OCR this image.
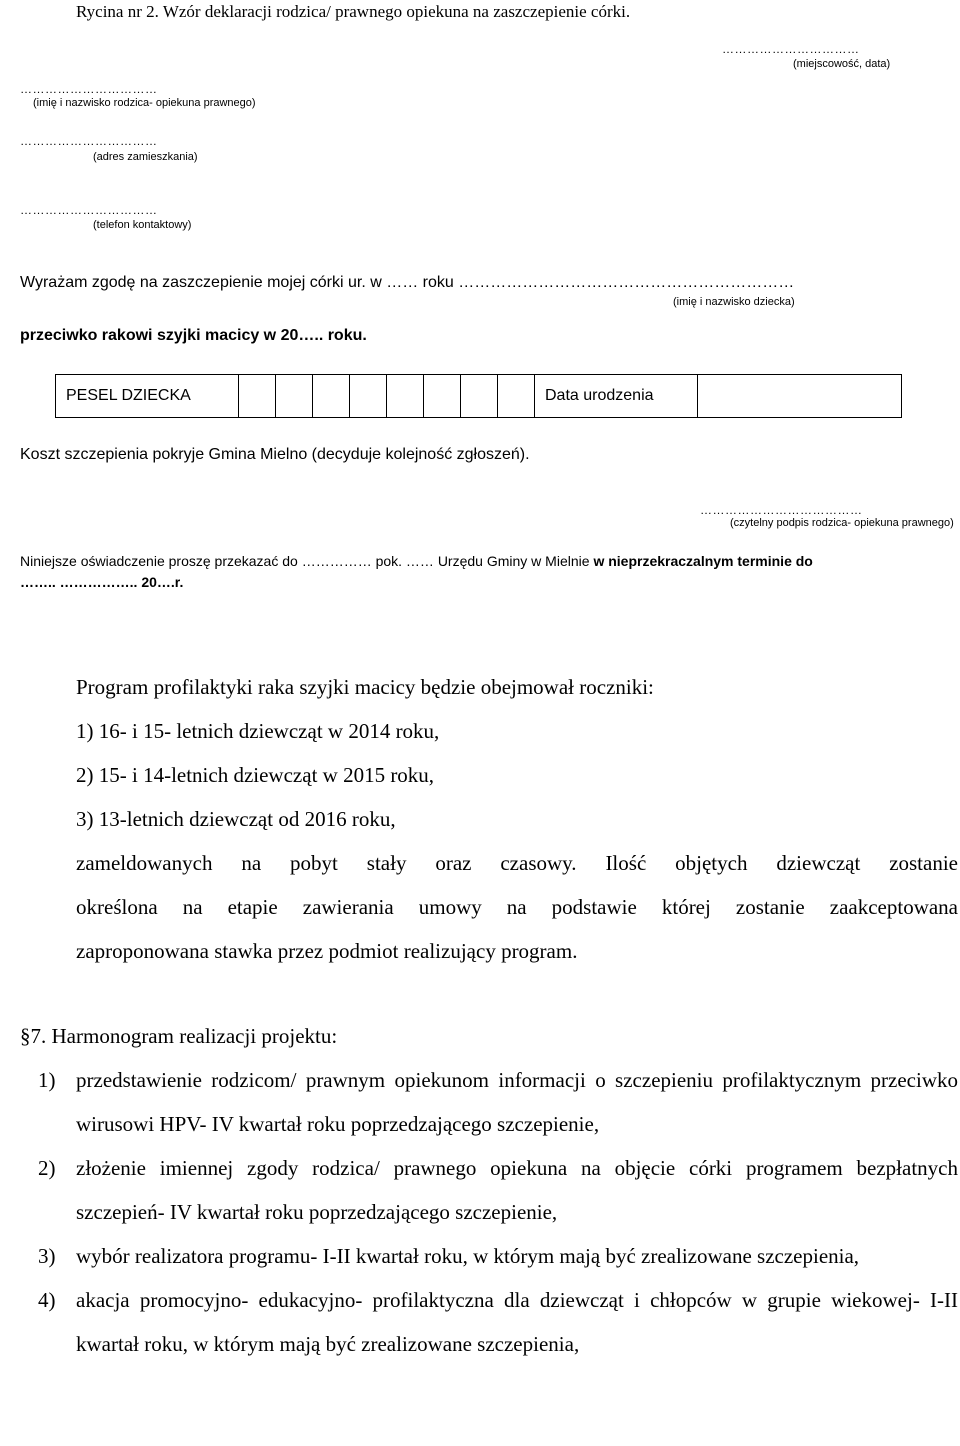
Rycina nr 2. Wzór deklaracji rodzica/ prawnego opiekuna na zaszczepienie córki.
……………………………
(miejscowość, data)
……………………………
(imię i nazwisko rodzica- opiekuna prawnego)
……………………………
(adres zamieszkania)
……………………………
(telefon kontaktowy)
Wyrażam zgodę na zaszczepienie mojej córki ur. w …… roku ………………………………………………………
(imię i nazwisko dziecka)
przeciwko rakowi szyjki macicy w 20….. roku.
PESEL DZIECKA									Data urodzenia	
Koszt szczepienia pokryje Gmina Mielno (decyduje kolejność zgłoszeń).
…………………………………
(czytelny podpis rodzica- opiekuna prawnego)
Niniejsze oświadczenie proszę przekazać do …………… pok. …… Urzędu Gminy w Mielnie w nieprzekraczalnym terminie do
…….. …………….. 20….r.
Program profilaktyki raka szyjki macicy będzie obejmował roczniki:
1) 16- i 15- letnich dziewcząt w 2014 roku,
2) 15- i 14-letnich dziewcząt w 2015 roku,
3) 13-letnich dziewcząt od 2016 roku,
zameldowanych na pobyt stały oraz czasowy. Ilość objętych dziewcząt zostanie
określona na etapie zawierania umowy na podstawie której zostanie zaakceptowana
zaproponowana stawka przez podmiot realizujący program.
§7. Harmonogram realizacji projektu:
1) przedstawienie rodzicom/ prawnym opiekunom informacji o szczepieniu profilaktycznym przeciwko wirusowi HPV- IV kwartał roku poprzedzającego szczepienie,
2) złożenie imiennej zgody rodzica/ prawnego opiekuna na objęcie córki programem bezpłatnych szczepień- IV kwartał roku poprzedzającego szczepienie,
3) wybór realizatora programu- I-II kwartał roku, w którym mają być zrealizowane szczepienia,
4) akacja promocyjno- edukacyjno- profilaktyczna dla dziewcząt i chłopców w grupie wiekowej- I-II kwartał roku, w którym mają być zrealizowane szczepienia,
